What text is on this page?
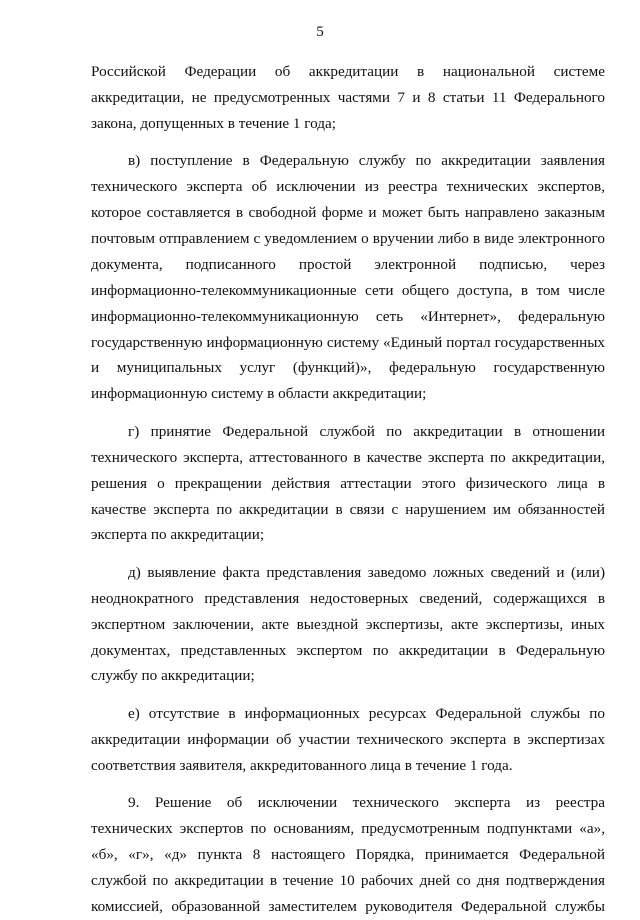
5

Российской Федерации об аккредитации в национальной системе аккредитации, не предусмотренных частями 7 и 8 статьи 11 Федерального закона, допущенных в течение 1 года;

в) поступление в Федеральную службу по аккредитации заявления технического эксперта об исключении из реестра технических экспертов, которое составляется в свободной форме и может быть направлено заказным почтовым отправлением с уведомлением о вручении либо в виде электронного документа, подписанного простой электронной подписью, через информационно-телекоммуникационные сети общего доступа, в том числе информационно-телекоммуникационную сеть «Интернет», федеральную государственную информационную систему «Единый портал государственных и муниципальных услуг (функций)», федеральную государственную информационную систему в области аккредитации;

г) принятие Федеральной службой по аккредитации в отношении технического эксперта, аттестованного в качестве эксперта по аккредитации, решения о прекращении действия аттестации этого физического лица в качестве эксперта по аккредитации в связи с нарушением им обязанностей эксперта по аккредитации;

д) выявление факта представления заведомо ложных сведений и (или) неоднократного представления недостоверных сведений, содержащихся в экспертном заключении, акте выездной экспертизы, акте экспертизы, иных документах, представленных экспертом по аккредитации в Федеральную службу по аккредитации;

е) отсутствие в информационных ресурсах Федеральной службы по аккредитации информации об участии технического эксперта в экспертизах соответствия заявителя, аккредитованного лица в течение 1 года.

9. Решение об исключении технического эксперта из реестра технических экспертов по основаниям, предусмотренным подпунктами «а», «б», «г», «д» пункта 8 настоящего Порядка, принимается Федеральной службой по аккредитации в течение 10 рабочих дней со дня подтверждения комиссией, образованной заместителем руководителя Федеральной службы
